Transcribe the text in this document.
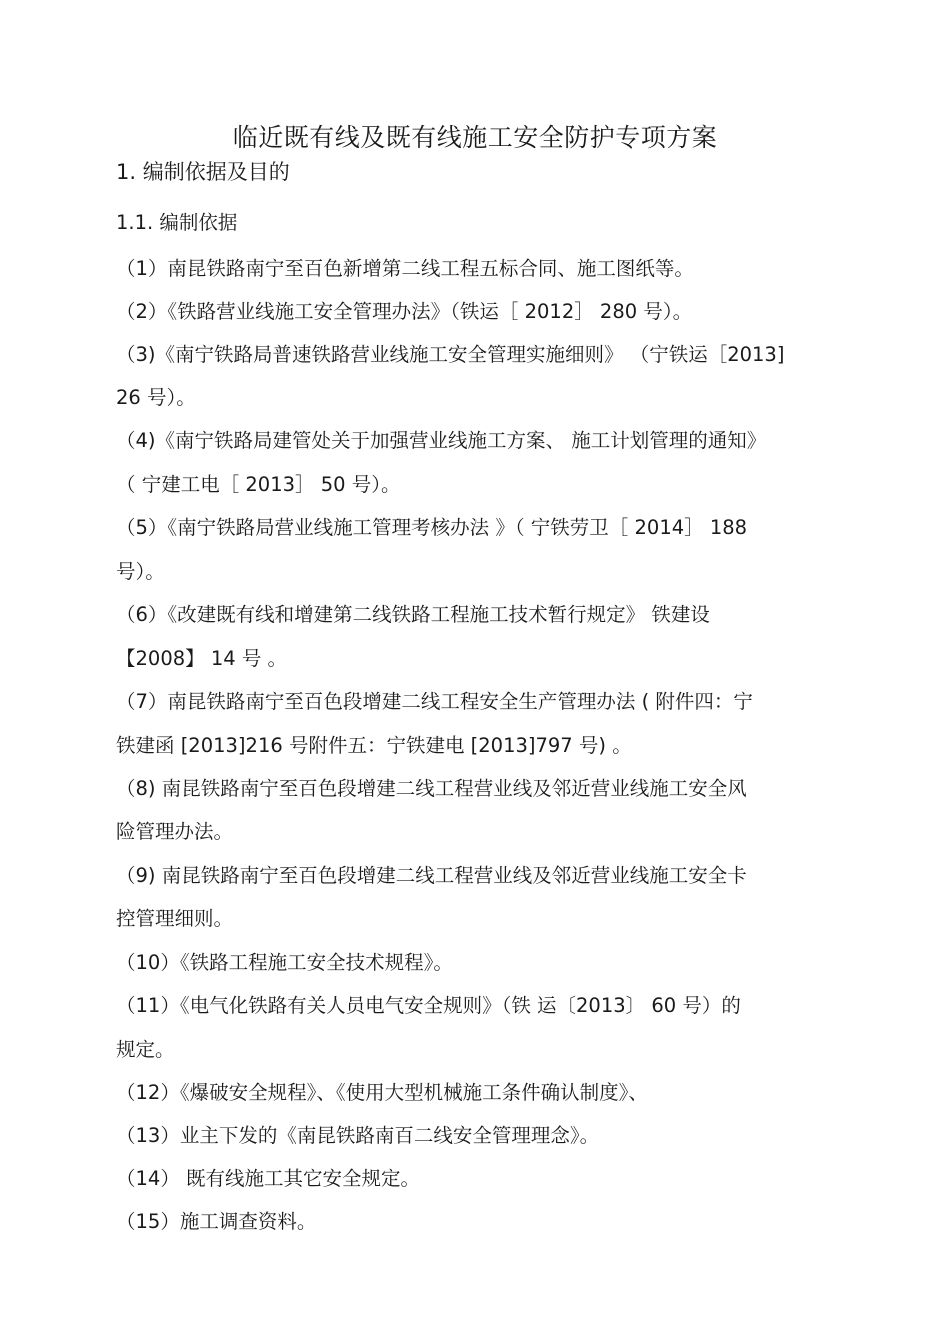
临近既有线及既有线施工安全防护专项方案
1. 编制依据及目的
1.1. 编制依据
（1）南昆铁路南宁至百色新增第二线工程五标合同、施工图纸等。
（2）《铁路营业线施工安全管理办法》（铁运［ 2012］ 280 号）。
（3)《南宁铁路局普速铁路营业线施工安全管理实施细则》 （宁铁运［2013]
26 号）。
（4)《南宁铁路局建管处关于加强营业线施工方案、 施工计划管理的通知》
（ 宁建工电［ 2013］ 50 号）。
（5）《南宁铁路局营业线施工管理考核办法 》（ 宁铁劳卫［ 2014］ 188
号）。
（6）《改建既有线和增建第二线铁路工程施工技术暂行规定》 铁建设
【2008】 14 号 。
（7）南昆铁路南宁至百色段增建二线工程安全生产管理办法 ( 附件四：宁
铁建函 [2013]216 号附件五：宁铁建电 [2013]797 号) 。
（8) 南昆铁路南宁至百色段增建二线工程营业线及邻近营业线施工安全风
险管理办法。
（9) 南昆铁路南宁至百色段增建二线工程营业线及邻近营业线施工安全卡
控管理细则。
（10）《铁路工程施工安全技术规程》。
（11）《电气化铁路有关人员电气安全规则》（铁 运〔2013〕 60 号）的
规定。
（12）《爆破安全规程》、《使用大型机械施工条件确认制度》、
（13）业主下发的《南昆铁路南百二线安全管理理念》。
（14） 既有线施工其它安全规定。
（15）施工调查资料。
